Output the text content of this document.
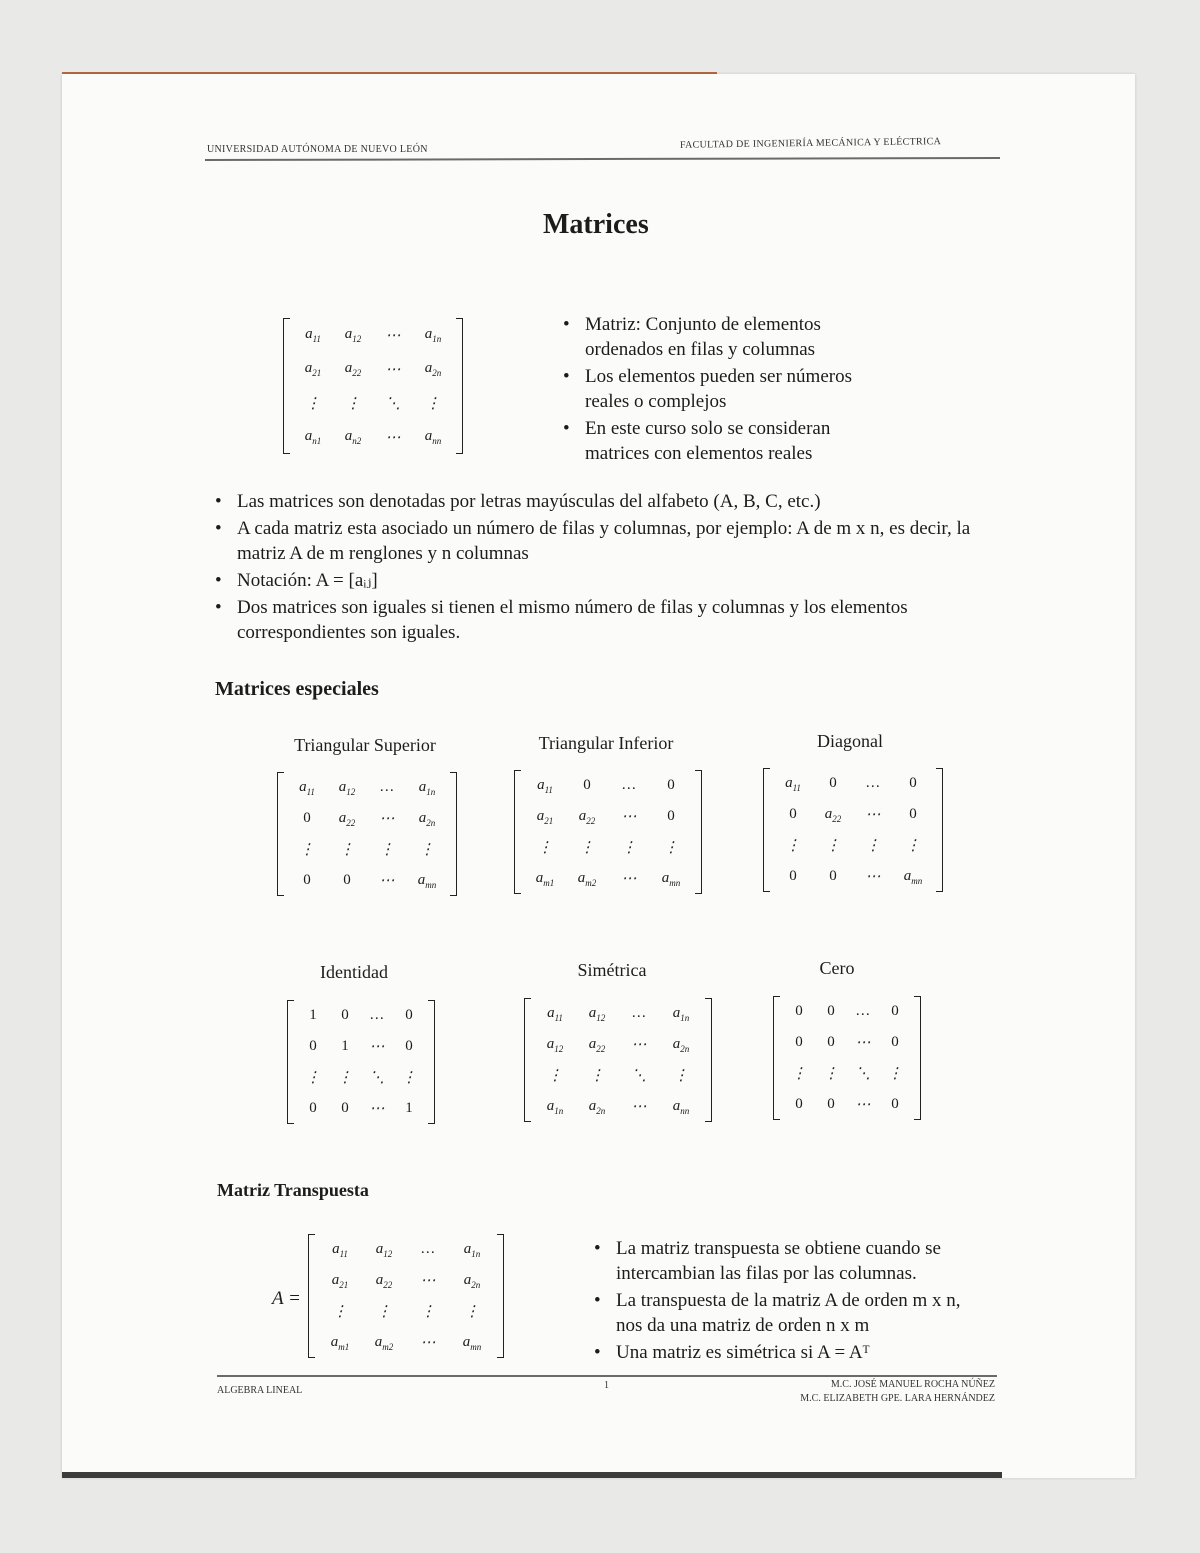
UNIVERSIDAD AUTÓNOMA DE NUEVO LEÓN	FACULTAD DE INGENIERÍA MECÁNICA Y ELÉCTRICA
Matrices
$a_{11}$	$a_{12}$	⋯	$a_{1n}$
$a_{21}$	$a_{22}$	⋯	$a_{2n}$
⋮	⋮	⋱	⋮
$a_{n1}$	$a_{n2}$	⋯	$a_{nn}$
• Matriz: Conjunto de elementos ordenados en filas y columnas
• Los elementos pueden ser números reales o complejos
• En este curso solo se consideran matrices con elementos reales
• Las matrices son denotadas por letras mayúsculas del alfabeto (A, B, C, etc.)
• A cada matriz esta asociado un número de filas y columnas, por ejemplo: A de m x n, es decir, la matriz A de m renglones y n columnas
• Notación: A = [aᵢⱼ]
• Dos matrices son iguales si tienen el mismo número de filas y columnas y los elementos correspondientes son iguales.
Matrices especiales
Triangular Superior	Triangular Inferior	Diagonal
$a_{11}$	$a_{12}$	…	$a_{1n}$
0	$a_{22}$	⋯	$a_{2n}$
⋮	⋮	⋮	⋮
0	0	⋯	$a_{mn}$
$a_{11}$	0	…	0
$a_{21}$	$a_{22}$	⋯	0
⋮	⋮	⋮	⋮
$a_{m1}$	$a_{m2}$	⋯	$a_{mn}$
$a_{11}$	0	…	0
0	$a_{22}$	⋯	0
⋮	⋮	⋮	⋮
0	0	⋯	$a_{mn}$
Identidad	Simétrica	Cero
1	0	…	0
0	1	⋯	0
⋮	⋮	⋱	⋮
0	0	⋯	1
$a_{11}$	$a_{12}$	…	$a_{1n}$
$a_{12}$	$a_{22}$	⋯	$a_{2n}$
⋮	⋮	⋱	⋮
$a_{1n}$	$a_{2n}$	⋯	$a_{nn}$
0	0	…	0
0	0	⋯	0
⋮	⋮	⋱	⋮
0	0	⋯	0
Matriz Transpuesta
A =
$a_{11}$	$a_{12}$	…	$a_{1n}$
$a_{21}$	$a_{22}$	⋯	$a_{2n}$
⋮	⋮	⋮	⋮
$a_{m1}$	$a_{m2}$	⋯	$a_{mn}$
• La matriz transpuesta se obtiene cuando se intercambian las filas por las columnas.
• La transpuesta de la matriz A de orden m x n, nos da una matriz de orden n x m
• Una matriz es simétrica si A = Aᵀ
ALGEBRA LINEAL	1	M.C. JOSÉ MANUEL ROCHA NÚÑEZ
M.C. ELIZABETH GPE. LARA HERNÁNDEZ
